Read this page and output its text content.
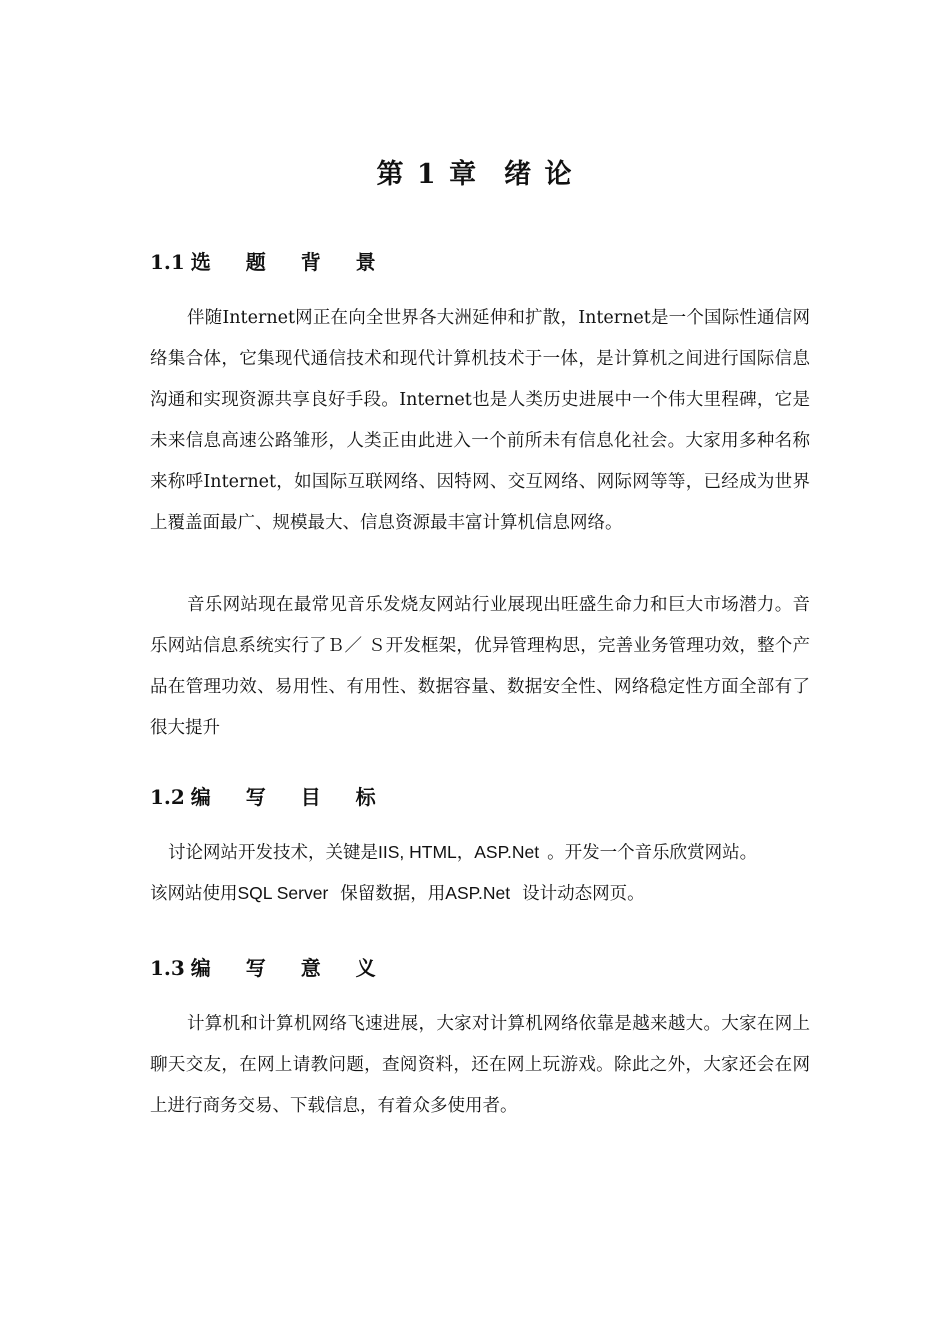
第 1 章 绪 论
1.1 选 题 背 景

伴随Internet网正在向全世界各大洲延伸和扩散，Internet是一个国际性通信网络集合体，它集现代通信技术和现代计算机技术于一体，是计算机之间进行国际信息沟通和实现资源共享良好手段。Internet也是人类历史进展中一个伟大里程碑，它是未来信息高速公路雏形，人类正由此进入一个前所未有信息化社会。大家用多种名称来称呼Internet，如国际互联网络、因特网、交互网络、网际网等等，已经成为世界上覆盖面最广、规模最大、信息资源最丰富计算机信息网络。

音乐网站现在最常见音乐发烧友网站行业展现出旺盛生命力和巨大市场潜力。音乐网站信息系统实行了Ｂ／ Ｓ开发框架，优异管理构思，完善业务管理功效，整个产品在管理功效、易用性、有用性、数据容量、数据安全性、网络稳定性方面全部有了很大提升

1.2 编 写 目 标

讨论网站开发技术，关键是IIS, HTML，ASP.Net 。开发一个音乐欣赏网站。

该网站使用SQL Server 保留数据，用ASP.Net 设计动态网页。

1.3 编 写 意 义

计算机和计算机网络飞速进展，大家对计算机网络依靠是越来越大。大家在网上聊天交友，在网上请教问题，查阅资料，还在网上玩游戏。除此之外，大家还会在网上进行商务交易、下载信息，有着众多使用者。
